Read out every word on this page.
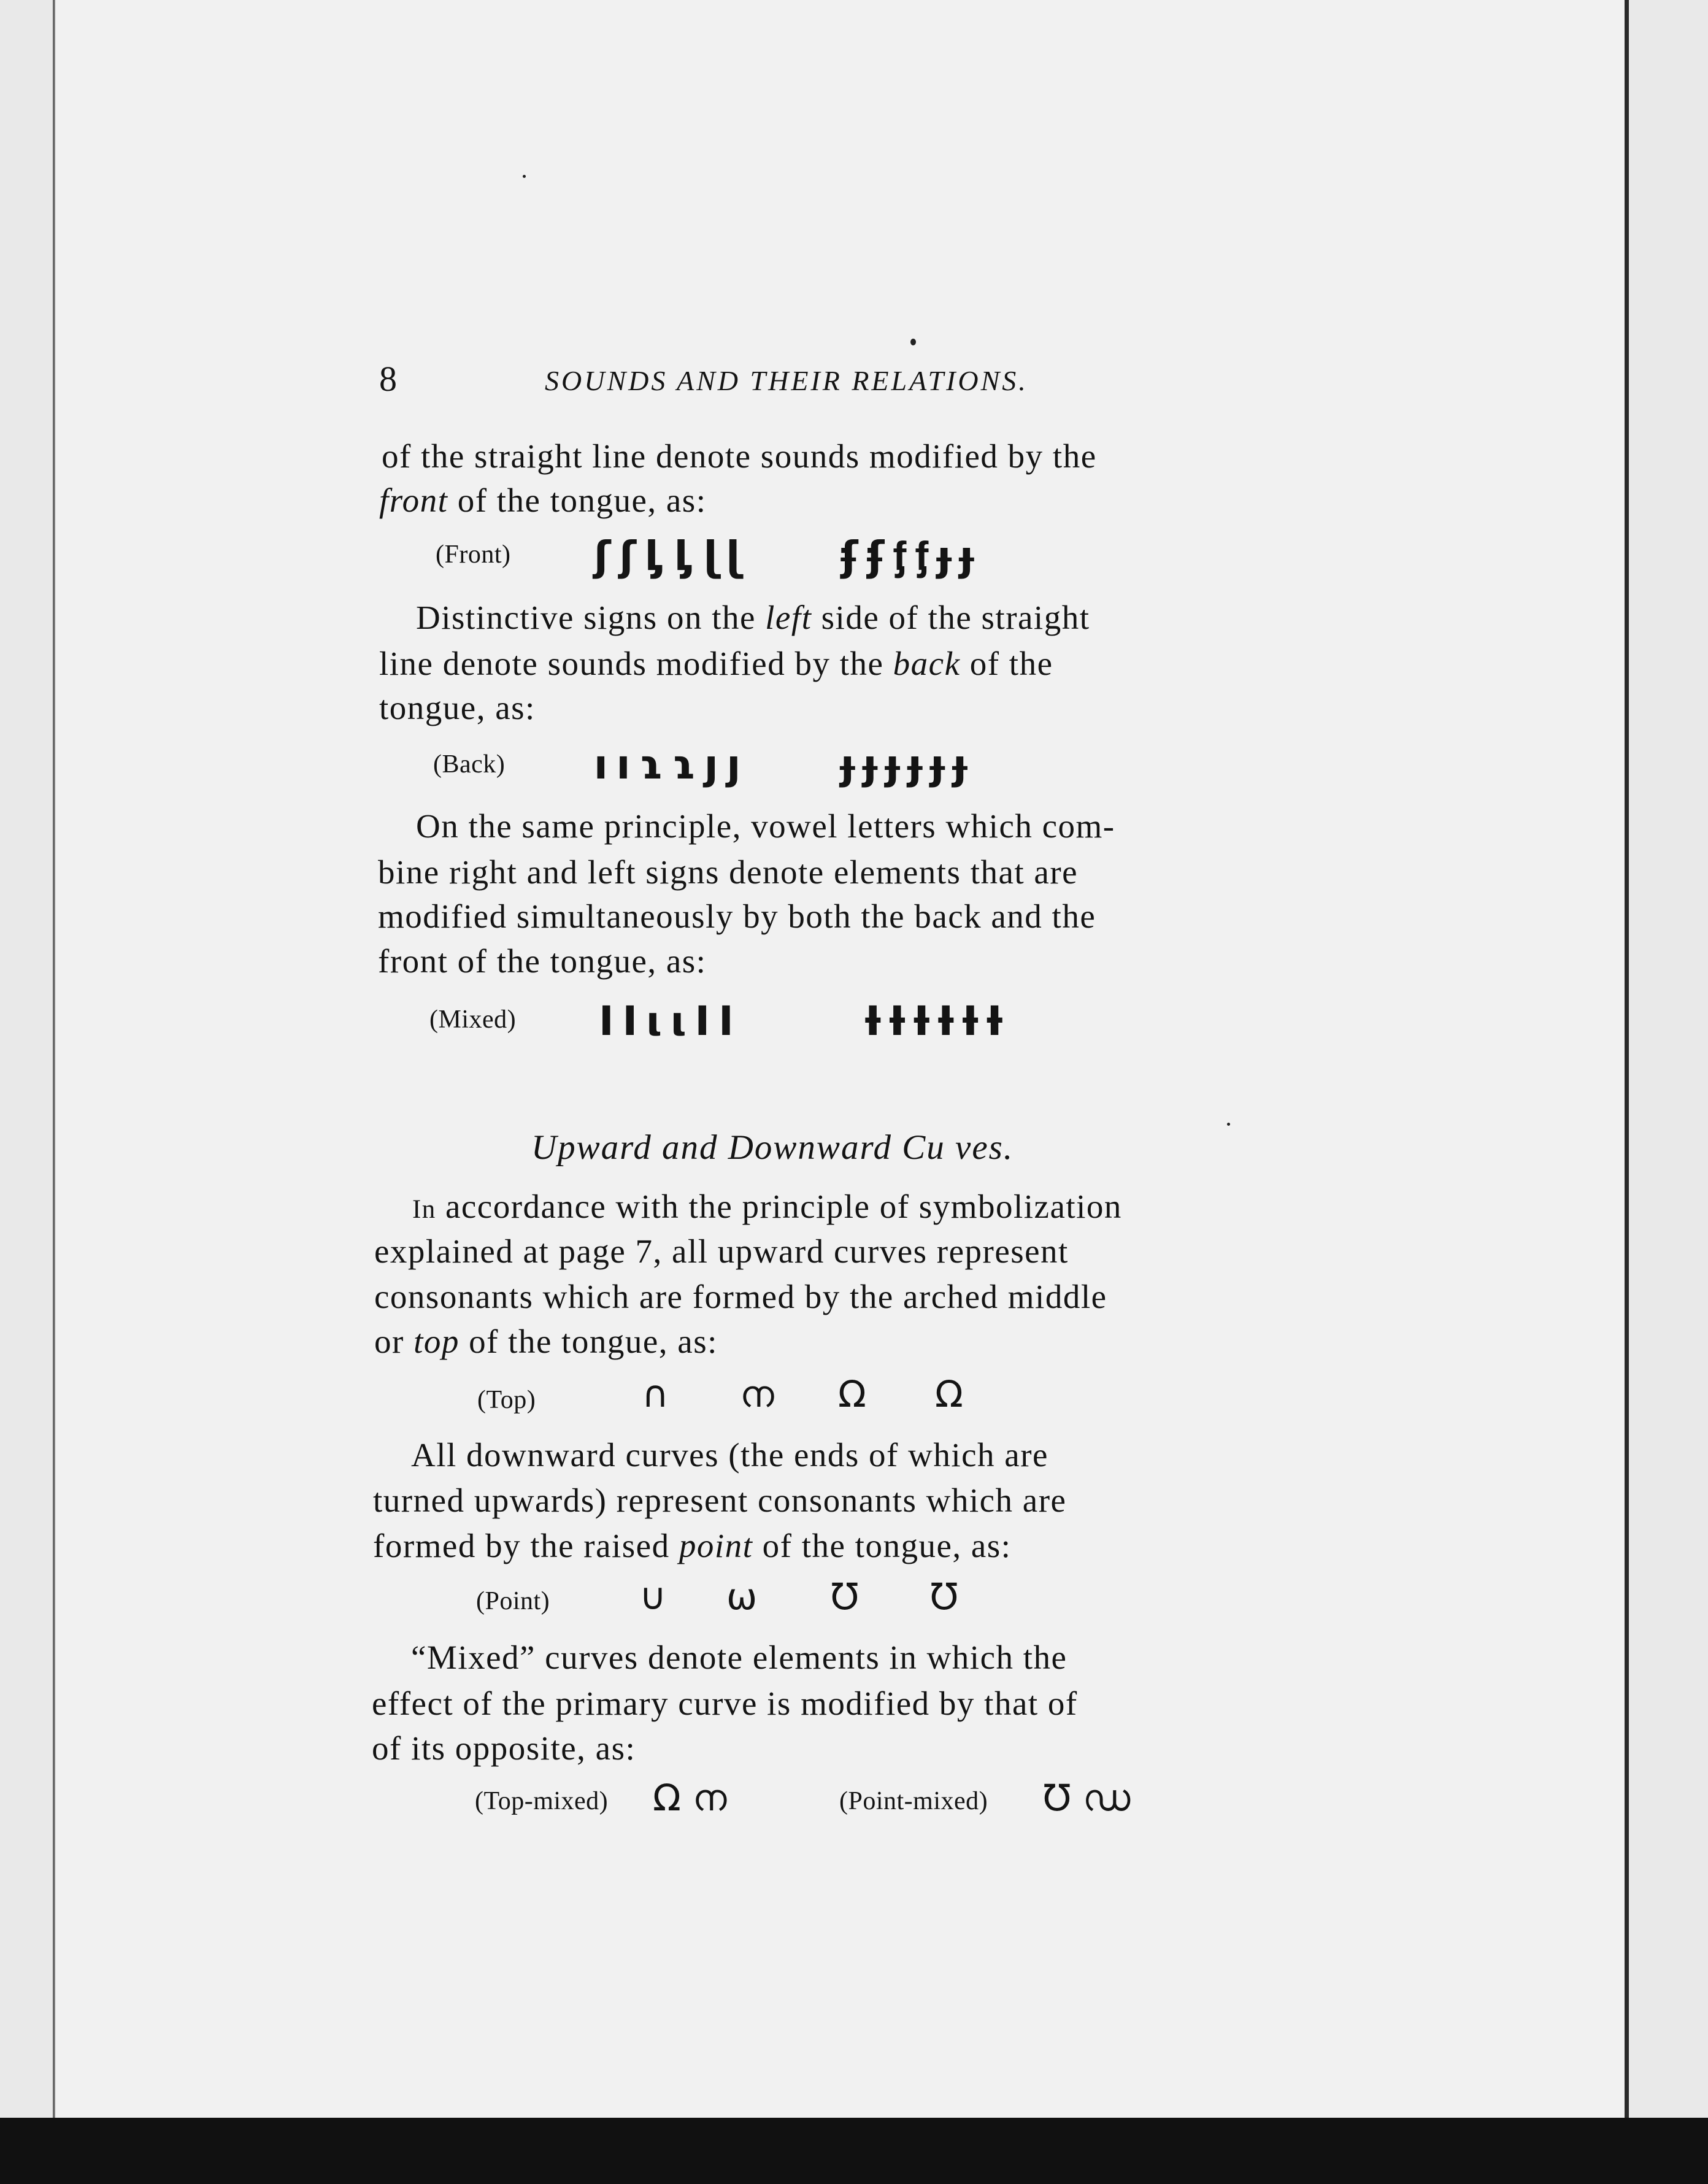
8	SOUNDS AND THEIR RELATIONS.
of the straight line denote sounds modified by the
front of the tongue, as:
(Front) ʃʃᶅᶅɭɭ ʄʄᶂᶂɟɟ
Distinctive signs on the left side of the straight
line denote sounds modified by the back of the
tongue, as:
(Back) ııɿɿȷȷ ɟɟɟɟɟɟ
On the same principle, vowel letters which com-
bine right and left signs denote elements that are
modified simultaneously by both the back and the
front of the tongue, as:
(Mixed) ΙΙιιΙΙ	ƗƗƗƗƗƗ
Upward and Downward Cu ves.
In accordance with the principle of symbolization
explained at page 7, all upward curves represent
consonants which are formed by the arched middle
or top of the tongue, as:
(Top)	∩ ന Ω Ω
All downward curves (the ends of which are
turned upwards) represent consonants which are
formed by the raised point of the tongue, as:
(Point) ∪ ω Ʊ Ʊ
“Mixed” curves denote elements in which the
effect of the primary curve is modified by that of
of its opposite, as:
(Top-mixed) Ω ന	(Point-mixed) Ʊ ഡ
